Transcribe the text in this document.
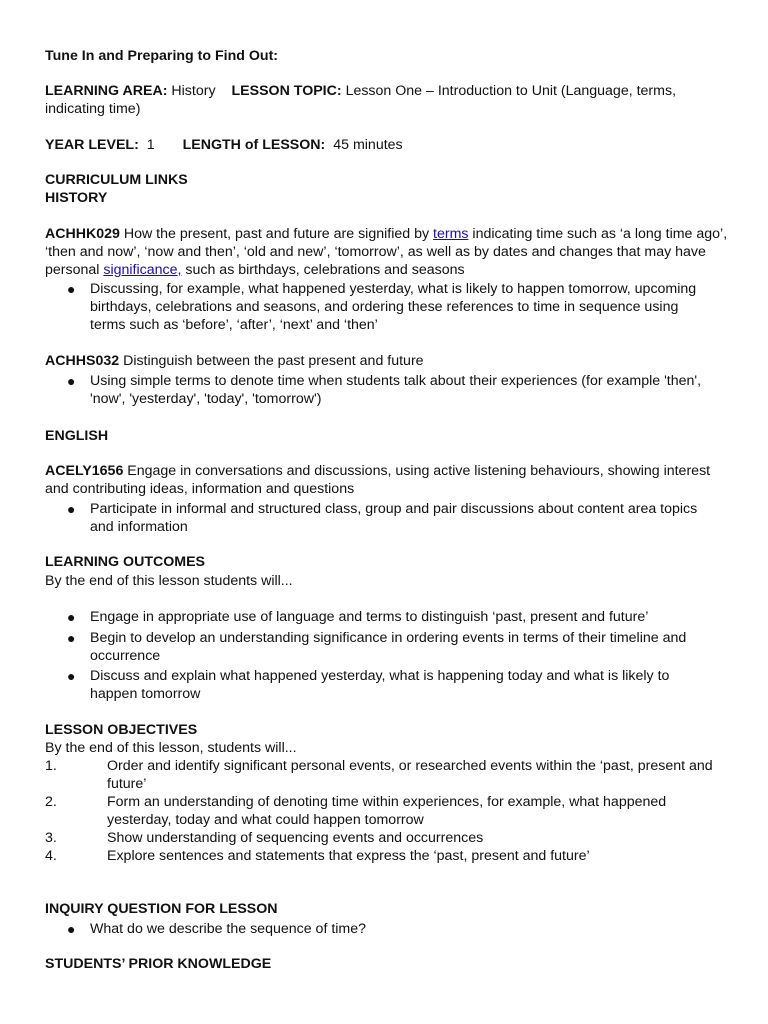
Tune In and Preparing to Find Out:
LEARNING AREA: History LESSON TOPIC: Lesson One – Introduction to Unit (Language, terms, indicating time)
YEAR LEVEL: 1 LENGTH of LESSON: 45 minutes
CURRICULUM LINKS
HISTORY
ACHHK029 How the present, past and future are signified by terms indicating time such as ‘a long time ago’, ‘then and now’, ‘now and then’, ‘old and new’, ‘tomorrow’, as well as by dates and changes that may have personal significance, such as birthdays, celebrations and seasons
● Discussing, for example, what happened yesterday, what is likely to happen tomorrow, upcoming birthdays, celebrations and seasons, and ordering these references to time in sequence using terms such as ‘before’, ‘after’, ‘next’ and ‘then’
ACHHS032 Distinguish between the past present and future
● Using simple terms to denote time when students talk about their experiences (for example 'then', 'now', 'yesterday', 'today', 'tomorrow')
ENGLISH
ACELY1656 Engage in conversations and discussions, using active listening behaviours, showing interest and contributing ideas, information and questions
● Participate in informal and structured class, group and pair discussions about content area topics and information
LEARNING OUTCOMES
By the end of this lesson students will...
● Engage in appropriate use of language and terms to distinguish ‘past, present and future’
● Begin to develop an understanding significance in ordering events in terms of their timeline and occurrence
● Discuss and explain what happened yesterday, what is happening today and what is likely to happen tomorrow
LESSON OBJECTIVES
By the end of this lesson, students will...
1.	Order and identify significant personal events, or researched events within the ‘past, present and future’
2.	Form an understanding of denoting time within experiences, for example, what happened yesterday, today and what could happen tomorrow
3.	Show understanding of sequencing events and occurrences
4.	Explore sentences and statements that express the ‘past, present and future’
INQUIRY QUESTION FOR LESSON
● What do we describe the sequence of time?
STUDENTS’ PRIOR KNOWLEDGE
